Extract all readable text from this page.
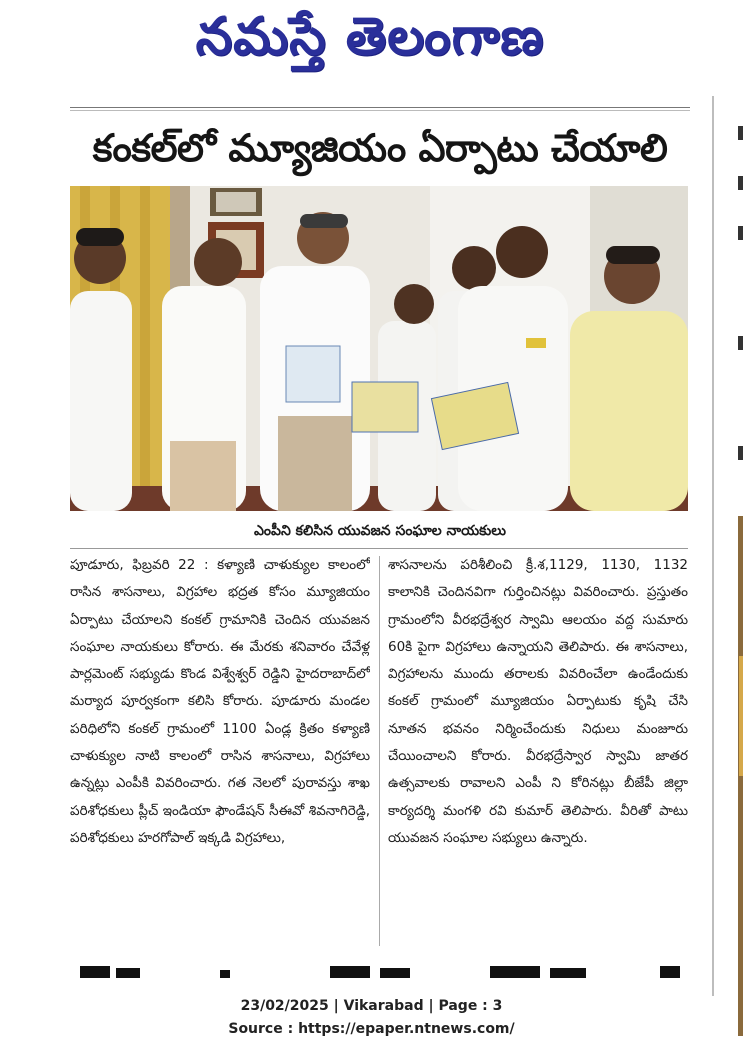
నమస్తే తెలంగాణ
కంకల్‌లో మ్యూజియం ఏర్పాటు చేయాలి
ఎంపీని కలిసిన యువజన సంఘాల నాయకులు
పూడూరు, ఫిబ్రవరి 22 : కళ్యాణి చాళుక్యుల కాలంలో రాసిన శాసనాలు, విగ్రహాల భద్రత కోసం మ్యూజియం ఏర్పాటు చేయాలని కంకల్ గ్రామానికి చెందిన యువజన సంఘాల నాయకులు కోరారు. ఈ మేరకు శనివారం చేవేళ్ల పార్లమెంట్ సభ్యుడు కొండ విశ్వేశ్వర్ రెడ్డిని హైదరాబాద్‌లో మర్యాద పూర్వకంగా కలిసి కోరారు. పూడూరు మండల పరిధిలోని కంకల్ గ్రామంలో 1100 ఏండ్ల క్రితం కళ్యాణి చాళుక్యుల నాటి కాలంలో రాసిన శాసనాలు, విగ్రహాలు ఉన్నట్లు ఎంపీకి వివరించారు. గత నెలలో పురావస్తు శాఖ పరిశోధకులు ప్లీచ్ ఇండియా ఫౌండేషన్ సీఈవో శివనాగిరెడ్డి, పరిశోధకులు హరగోపాల్ ఇక్కడి విగ్రహాలు,
శాసనాలను పరిశీలించి క్రీ.శ,1129, 1130, 1132 కాలానికి చెందినవిగా గుర్తించినట్లు వివరించారు. ప్రస్తుతం గ్రామంలోని వీరభద్రేశ్వర స్వామి ఆలయం వద్ద సుమారు 60కి పైగా విగ్రహాలు ఉన్నాయని తెలిపారు. ఈ శాసనాలు, విగ్రహాలను ముందు తరాలకు వివరించేలా ఉండేందుకు కంకల్ గ్రామంలో మ్యూజియం ఏర్పాటుకు కృషి చేసి నూతన భవనం నిర్మించేందుకు నిధులు మంజూరు చేయించాలని కోరారు. వీరభద్రేస్వార స్వామి జాతర ఉత్సవాలకు రావాలని ఎంపీ ని కోరినట్లు బీజేపీ జిల్లా కార్యదర్శి మంగళి రవి కుమార్ తెలిపారు. వీరితో పాటు యువజన సంఘాల సభ్యులు ఉన్నారు.
23/02/2025 | Vikarabad | Page : 3
Source : https://epaper.ntnews.com/
